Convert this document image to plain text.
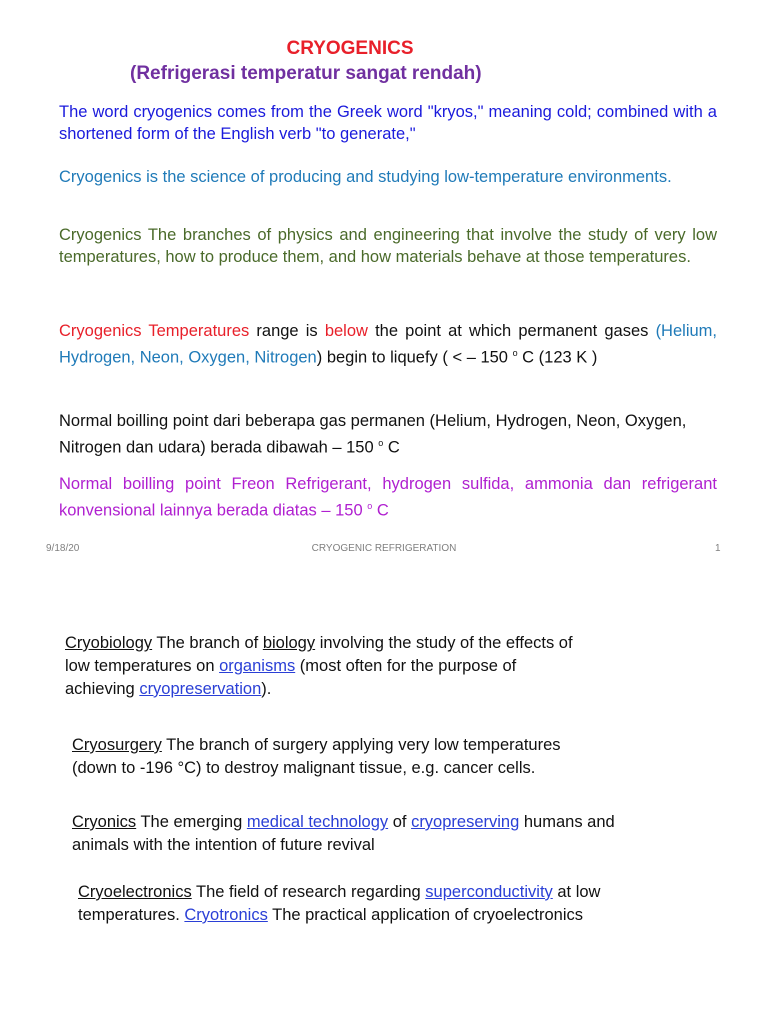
CRYOGENICS
(Refrigerasi temperatur sangat rendah)

The word cryogenics comes from the Greek word "kryos," meaning cold; combined with a shortened form of the English verb "to generate,"

Cryogenics is the science of producing and studying low-temperature environments.

Cryogenics The branches of physics and engineering that involve the study of very low temperatures, how to produce them, and how materials behave at those temperatures.

Cryogenics Temperatures range is below the point at which permanent gases (Helium, Hydrogen, Neon, Oxygen, Nitrogen) begin to liquefy ( < – 150 $^o$ C (123 K )

Normal boilling point dari beberapa gas permanen (Helium, Hydrogen, Neon, Oxygen, Nitrogen dan udara) berada dibawah – 150 $^o$ C

Normal boilling point Freon Refrigerant, hydrogen sulfida, ammonia dan refrigerant konvensional lainnya berada diatas – 150 $^o$ C

9/18/20	CRYOGENIC REFRIGERATION	1

Cryobiology The branch of biology involving the study of the effects of
low temperatures on organisms (most often for the purpose of
achieving cryopreservation).

Cryosurgery The branch of surgery applying very low temperatures
(down to -196 °C) to destroy malignant tissue, e.g. cancer cells.

Cryonics The emerging medical technology of cryopreserving humans and
animals with the intention of future revival

Cryoelectronics The field of research regarding superconductivity at low
temperatures. Cryotronics The practical application of cryoelectronics
